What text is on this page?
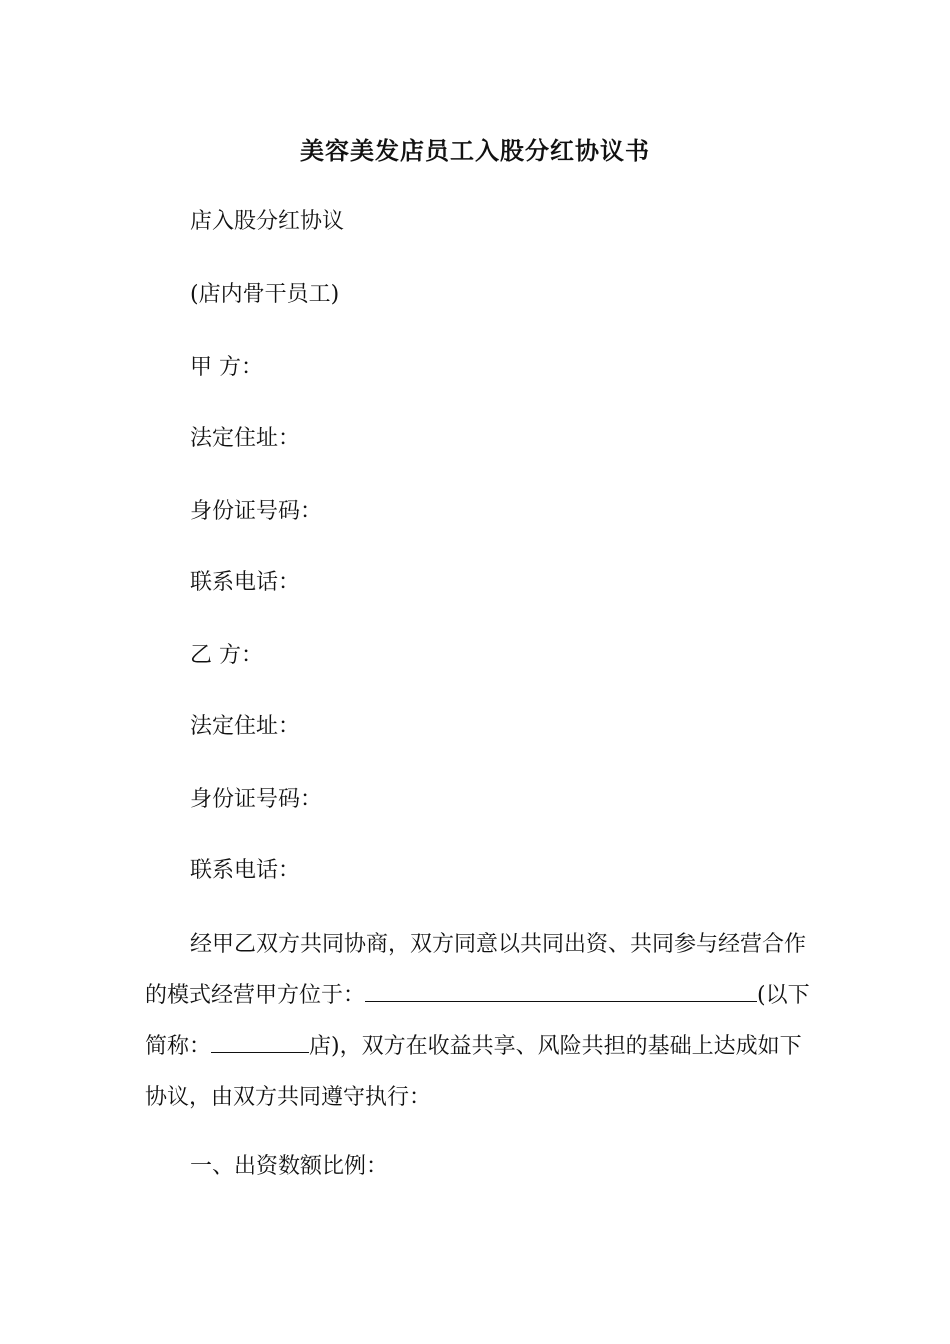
美容美发店员工入股分红协议书
店入股分红协议
(店内骨干员工)
甲 方：
法定住址：
身份证号码：
联系电话：
乙 方：
法定住址：
身份证号码：
联系电话：
经甲乙双方共同协商，双方同意以共同出资、共同参与经营合作的模式经营甲方位于：	(以下简称：	店)，双方在收益共享、风险共担的基础上达成如下协议，由双方共同遵守执行：
一、出资数额比例：
